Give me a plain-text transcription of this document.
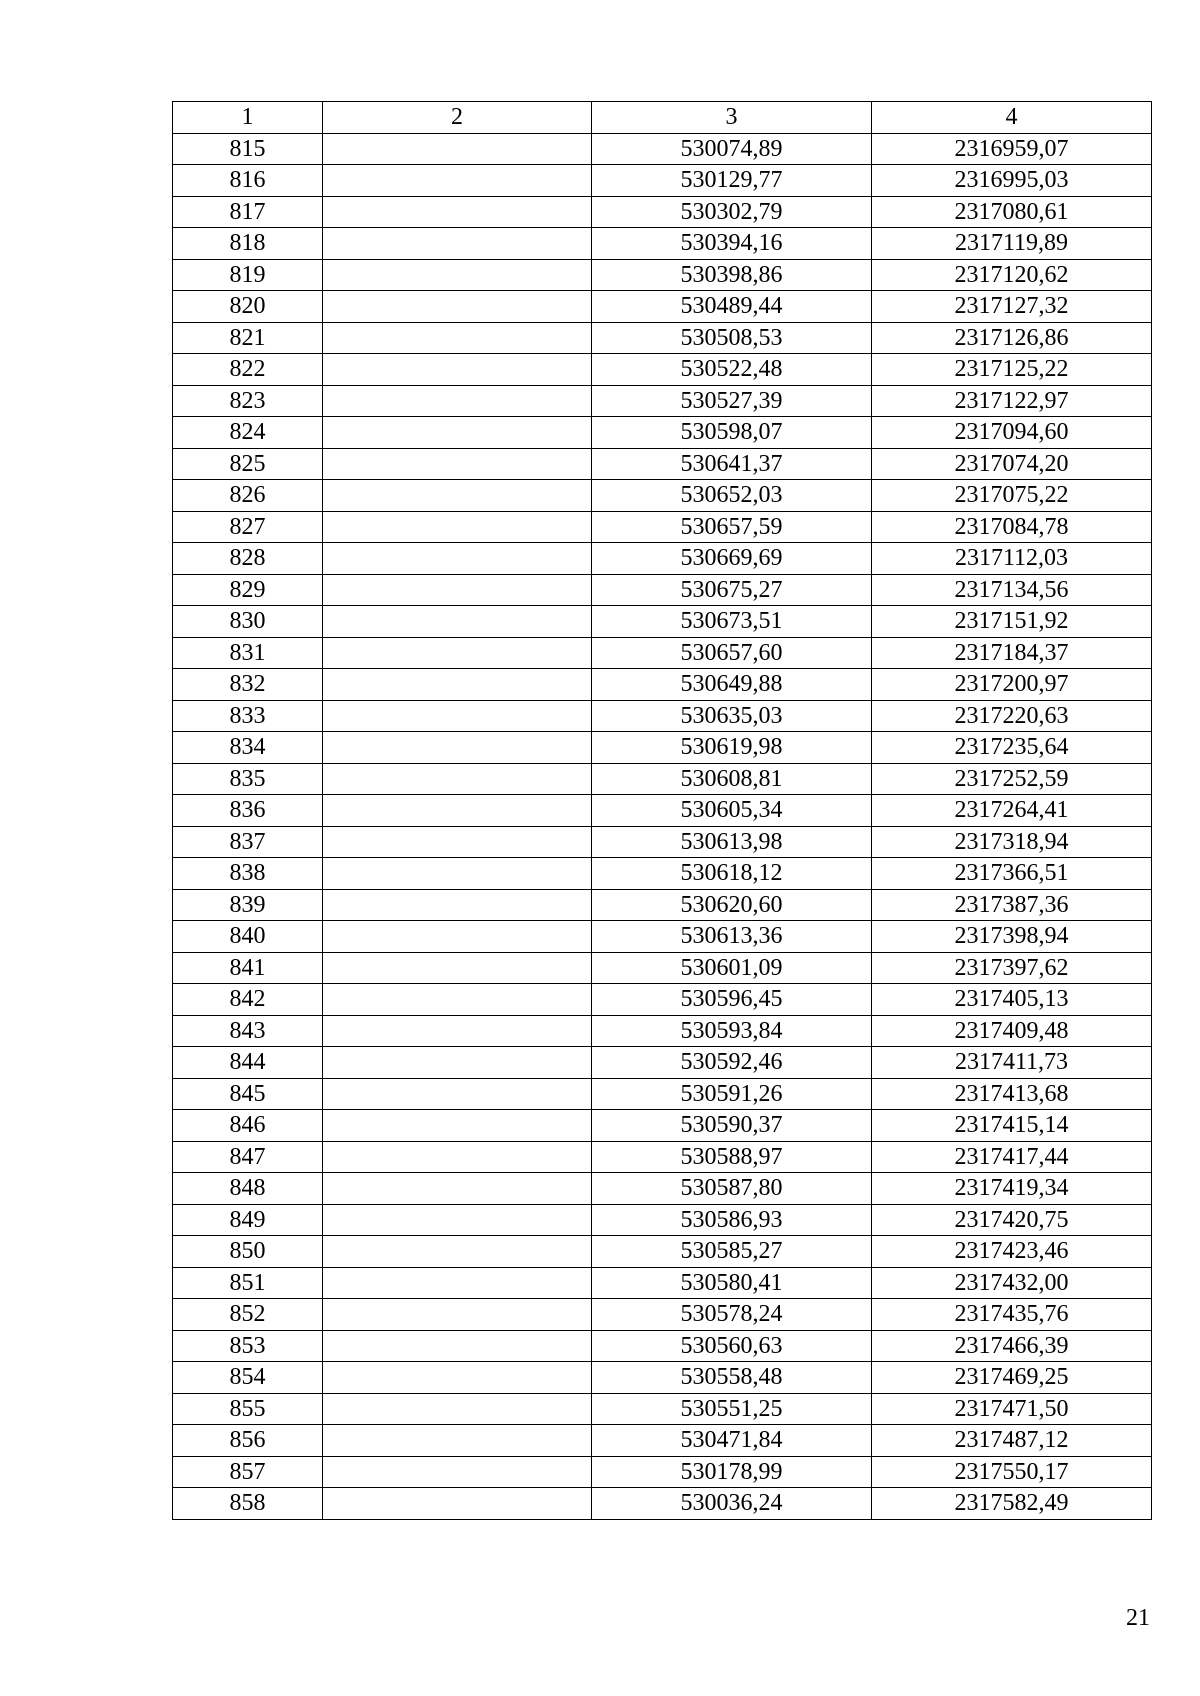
1	2	3	4
815		530074,89	2316959,07
816		530129,77	2316995,03
817		530302,79	2317080,61
818		530394,16	2317119,89
819		530398,86	2317120,62
820		530489,44	2317127,32
821		530508,53	2317126,86
822		530522,48	2317125,22
823		530527,39	2317122,97
824		530598,07	2317094,60
825		530641,37	2317074,20
826		530652,03	2317075,22
827		530657,59	2317084,78
828		530669,69	2317112,03
829		530675,27	2317134,56
830		530673,51	2317151,92
831		530657,60	2317184,37
832		530649,88	2317200,97
833		530635,03	2317220,63
834		530619,98	2317235,64
835		530608,81	2317252,59
836		530605,34	2317264,41
837		530613,98	2317318,94
838		530618,12	2317366,51
839		530620,60	2317387,36
840		530613,36	2317398,94
841		530601,09	2317397,62
842		530596,45	2317405,13
843		530593,84	2317409,48
844		530592,46	2317411,73
845		530591,26	2317413,68
846		530590,37	2317415,14
847		530588,97	2317417,44
848		530587,80	2317419,34
849		530586,93	2317420,75
850		530585,27	2317423,46
851		530580,41	2317432,00
852		530578,24	2317435,76
853		530560,63	2317466,39
854		530558,48	2317469,25
855		530551,25	2317471,50
856		530471,84	2317487,12
857		530178,99	2317550,17
858		530036,24	2317582,49
21
